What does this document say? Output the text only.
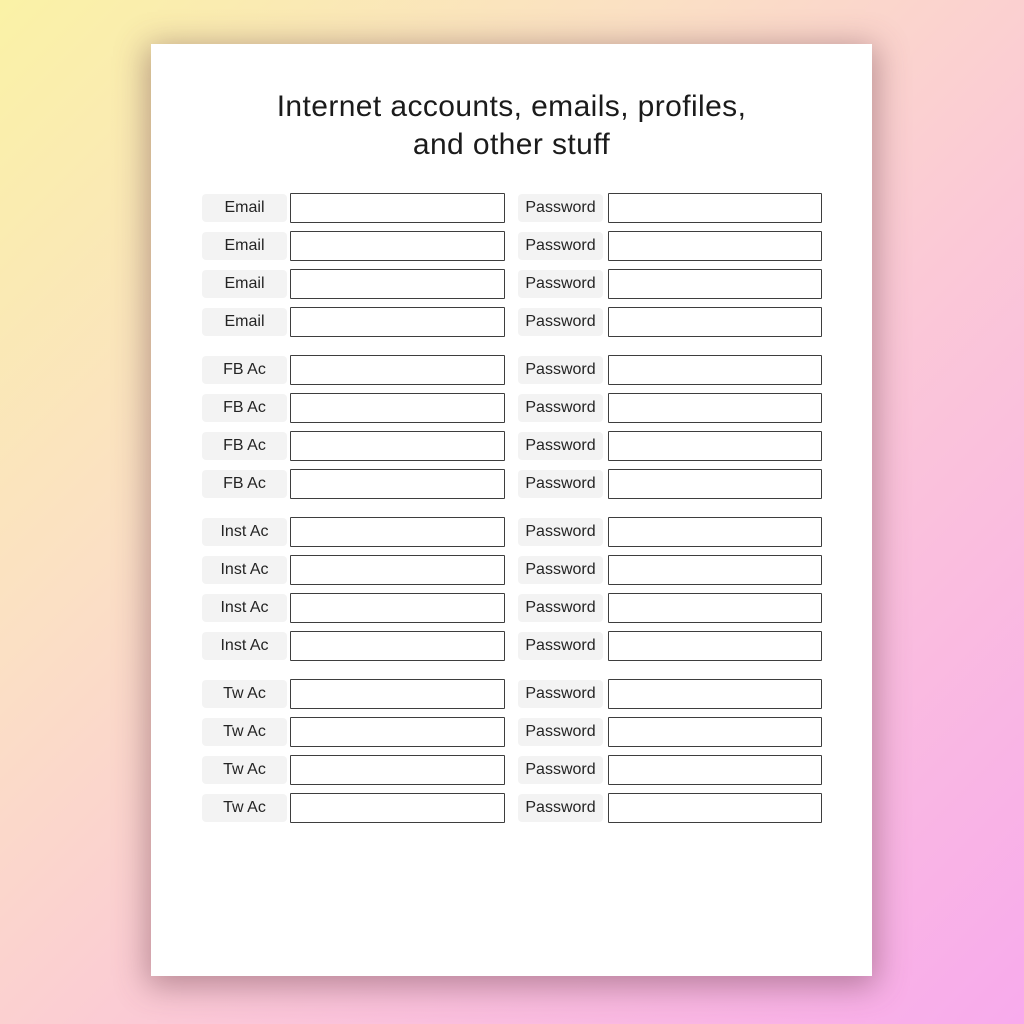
Internet accounts, emails, profiles,
and other stuff
Email	Password
Email	Password
Email	Password
Email	Password
FB Ac	Password
FB Ac	Password
FB Ac	Password
FB Ac	Password
Inst Ac	Password
Inst Ac	Password
Inst Ac	Password
Inst Ac	Password
Tw Ac	Password
Tw Ac	Password
Tw Ac	Password
Tw Ac	Password
